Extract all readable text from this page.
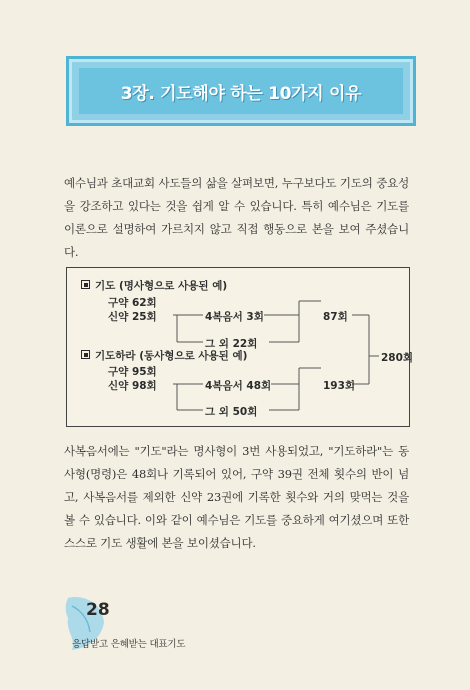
3장. 기도해야 하는 10가지 이유

예수님과 초대교회 사도들의 삶을 살펴보면, 누구보다도 기도의 중요성을 강조하고 있다는 것을 쉽게 알 수 있습니다. 특히 예수님은 기도를 이론으로 설명하여 가르치지 않고 직접 행동으로 본을 보여 주셨습니다.

기도 (명사형으로 사용된 예)
구약 62회
신약 25회	4복음서 3회
그 외 22회
87회
280회
기도하라 (동사형으로 사용된 예)
구약 95회
신약 98회	4복음서 48회
그 외 50회
193회

사복음서에는 "기도"라는 명사형이 3번 사용되었고, "기도하라"는 동사형(명령)은 48회나 기록되어 있어, 구약 39권 전체 횟수의 반이 넘고, 사복음서를 제외한 신약 23권에 기록한 횟수와 거의 맞먹는 것을 볼 수 있습니다. 이와 같이 예수님은 기도를 중요하게 여기셨으며 또한 스스로 기도 생활에 본을 보이셨습니다.

28
응답받고 은혜받는 대표기도
